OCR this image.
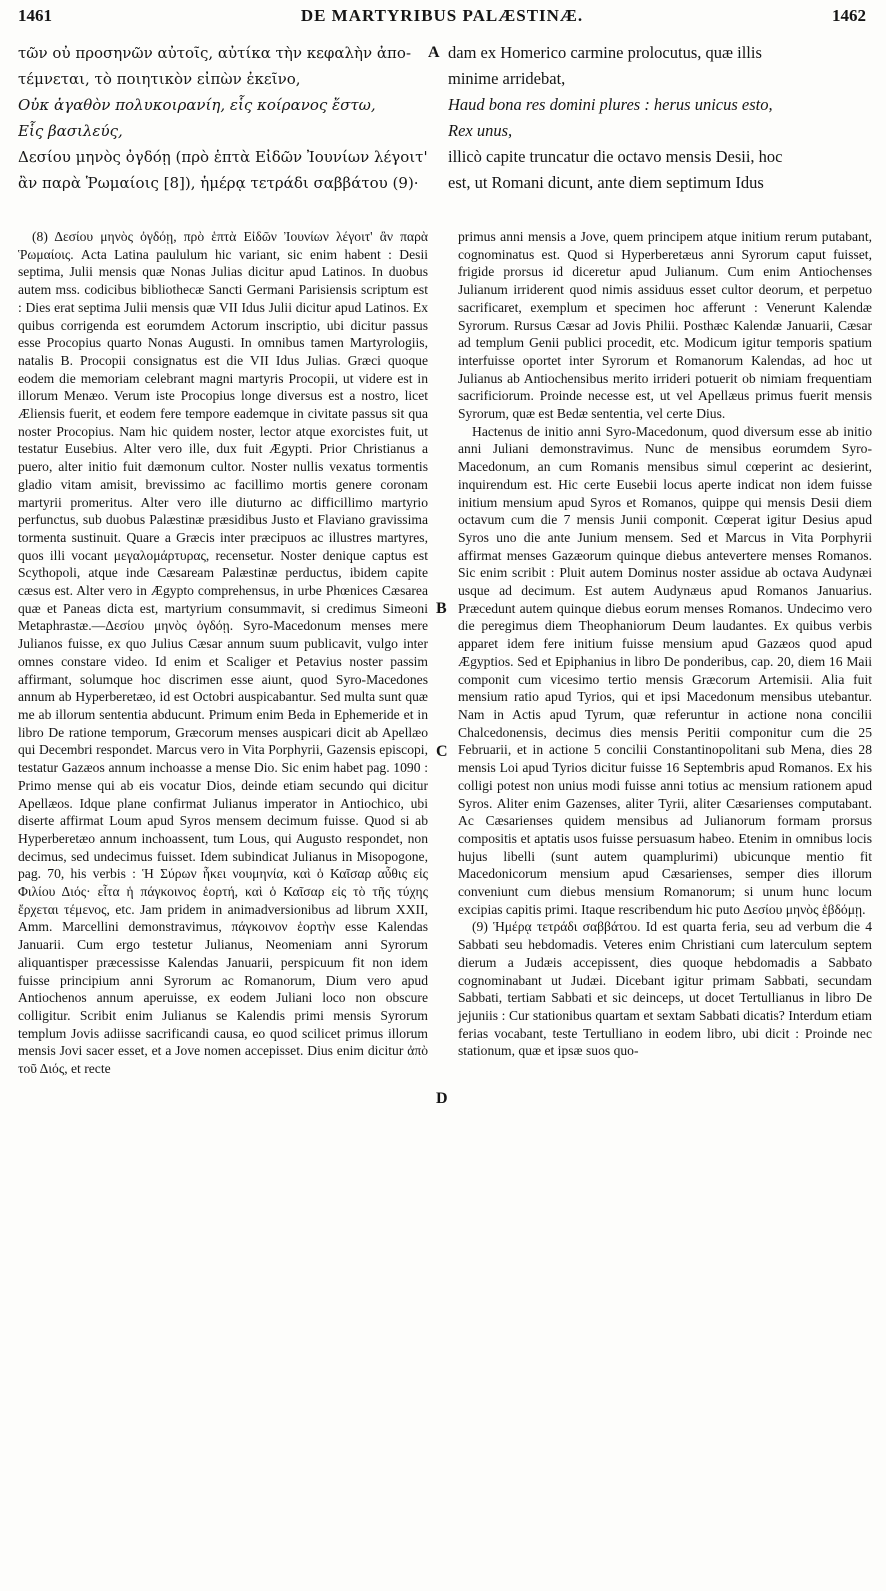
1461	DE MARTYRIBUS PALÆSTINÆ.	1462
τῶν οὐ προσηνῶν αὐτοῖς, αὐτίκα τὴν κεφαλὴν ἀπο-
τέμνεται, τὸ ποιητικὸν εἰπὼν ἐκεῖνο,
Οὐκ ἀγαθὸν πολυκοιρανίη, εἷς κοίρανος ἔστω,
Εἷς βασιλεύς,
Δεσίου μηνὸς ὀγδόῃ (πρὸ ἑπτὰ Εἰδῶν Ἰουνίων λέγοιτ'
ἂν παρὰ Ῥωμαίοις [8]), ἡμέρᾳ τετράδι σαββάτου (9)·
A dam ex Homerico carmine prolocutus, quæ illis
minime arridebat,
Haud bona res domini plures : herus unicus esto,
Rex unus,
illicò capite truncatur die octavo mensis Desii, hoc
est, ut Romani dicunt, ante diem septimum Idus

(8) Δεσίου μηνὸς ὀγδόῃ, πρὸ ἑπτὰ Εἰδῶν Ἰουνίων λέγοιτ' ἂν παρὰ Ῥωμαίοις. Acta Latina paululum hic variant, sic enim habent : Desii septima, Julii mensis quæ Nonas Julias dicitur apud Latinos. In duobus autem mss. codicibus bibliothecæ Sancti Germani Parisiensis scriptum est : Dies erat septima Julii mensis quæ VII Idus Julii dicitur apud Latinos. Ex quibus corrigenda est eorumdem Actorum inscriptio, ubi dicitur passus esse Procopius quarto Nonas Augusti. In omnibus tamen Martyrologiis, natalis B. Procopii consignatus est die VII Idus Julias. Græci quoque eodem die memoriam celebrant magni martyris Procopii, ut videre est in illorum Menæo. Verum iste Procopius longe diversus est a nostro, licet Æliensis fuerit, et eodem fere tempore eademque in civitate passus sit qua noster Procopius. Nam hic quidem noster, lector atque exorcistes fuit, ut testatur Eusebius. Alter vero ille, dux fuit Ægypti. Prior Christianus a puero, alter initio fuit dæmonum cultor. Noster nullis vexatus tormentis gladio vitam amisit, brevissimo ac facillimo mortis genere coronam martyrii promeritus. Alter vero ille diuturno ac difficillimo martyrio perfunctus, sub duobus Palæstinæ præsidibus Justo et Flaviano gravissima tormenta sustinuit. Quare a Græcis inter præcipuos ac illustres martyres, quos illi vocant μεγαλομάρτυρας, recensetur. Noster denique captus est Scythopoli, atque inde Cæsaream Palæstinæ perductus, ibidem capite cæsus est. Alter vero in Ægypto comprehensus, in urbe Phœnices Cæsarea quæ et Paneas dicta est, martyrium consummavit, si credimus Simeoni Metaphrastæ.—Δεσίου μηνὸς ὀγδόῃ. Syro-Macedonum menses mere Julianos fuisse, ex quo Julius Cæsar annum suum publicavit, vulgo inter omnes constare video. Id enim et Scaliger et Petavius noster passim affirmant, solumque hoc discrimen esse aiunt, quod Syro-Macedones annum ab Hyperberetæo, id est Octobri auspicabantur. Sed multa sunt quæ me ab illorum sententia abducunt. Primum enim Beda in Ephemeride et in libro De ratione temporum, Græcorum menses auspicari dicit ab Apellæo qui Decembri respondet. Marcus vero in Vita Porphyrii, Gazensis episcopi, testatur Gazæos annum inchoasse a mense Dio. Sic enim habet pag. 1090 : Primo mense qui ab eis vocatur Dios, deinde etiam secundo qui dicitur Apellæos. Idque plane confirmat Julianus imperator in Antiochico, ubi diserte affirmat Loum apud Syros mensem decimum fuisse. Quod si ab Hyperberetæo annum inchoassent, tum Lous, qui Augusto respondet, non decimus, sed undecimus fuisset. Idem subindicat Julianus in Misopogone, pag. 70, his verbis : Ἡ Σύρων ἧκει νουμηνία, καὶ ὁ Καῖσαρ αὖθις εἰς Φιλίου Διός· εἶτα ἡ πάγκοινος ἑορτή, καὶ ὁ Καῖσαρ εἰς τὸ τῆς τύχης ἔρχεται τέμενος, etc. Jam pridem in animadversionibus ad librum XXII, Amm. Marcellini demonstravimus, πάγκοινον ἑορτὴν esse Kalendas Januarii. Cum ergo testetur Julianus, Neomeniam anni Syrorum aliquantisper præcessisse Kalendas Januarii, perspicuum fit non idem fuisse principium anni Syrorum ac Romanorum, Dium vero apud Antiochenos annum aperuisse, ex eodem Juliani loco non obscure colligitur. Scribit enim Julianus se Kalendis primi mensis Syrorum templum Jovis adiisse sacrificandi causa, eo quod scilicet primus illorum mensis Jovi sacer esset, et a Jove nomen accepisset. Dius enim dicitur ἀπὸ τοῦ Διός, et recte

B
C
D

primus anni mensis a Jove, quem principem atque initium rerum putabant, cognominatus est. Quod si Hyperberetæus anni Syrorum caput fuisset, frigide prorsus id diceretur apud Julianum. Cum enim Antiochenses Julianum irriderent quod nimis assiduus esset cultor deorum, et perpetuo sacrificaret, exemplum et specimen hoc afferunt : Venerunt Kalendæ Syrorum. Rursus Cæsar ad Jovis Philii. Posthæc Kalendæ Januarii, Cæsar ad templum Genii publici procedit, etc. Modicum igitur temporis spatium interfuisse oportet inter Syrorum et Romanorum Kalendas, ad hoc ut Julianus ab Antiochensibus merito irrideri potuerit ob nimiam frequentiam sacrificiorum. Proinde necesse est, ut vel Apellæus primus fuerit mensis Syrorum, quæ est Bedæ sententia, vel certe Dius.

Hactenus de initio anni Syro-Macedonum, quod diversum esse ab initio anni Juliani demonstravimus. Nunc de mensibus eorumdem Syro-Macedonum, an cum Romanis mensibus simul cœperint ac desierint, inquirendum est. Hic certe Eusebii locus aperte indicat non idem fuisse initium mensium apud Syros et Romanos, quippe qui mensis Desii diem octavum cum die 7 mensis Junii componit. Cœperat igitur Desius apud Syros uno die ante Junium mensem. Sed et Marcus in Vita Porphyrii affirmat menses Gazæorum quinque diebus antevertere menses Romanos. Sic enim scribit : Pluit autem Dominus noster assidue ab octava Audynæi usque ad decimum. Est autem Audynæus apud Romanos Januarius. Præcedunt autem quinque diebus eorum menses Romanos. Undecimo vero die peregimus diem Theophaniorum Deum laudantes. Ex quibus verbis apparet idem fere initium fuisse mensium apud Gazæos quod apud Ægyptios. Sed et Epiphanius in libro De ponderibus, cap. 20, diem 16 Maii componit cum vicesimo tertio mensis Græcorum Artemisii. Alia fuit mensium ratio apud Tyrios, qui et ipsi Macedonum mensibus utebantur. Nam in Actis apud Tyrum, quæ referuntur in actione nona concilii Chalcedonensis, decimus dies mensis Peritii componitur cum die 25 Februarii, et in actione 5 concilii Constantinopolitani sub Mena, dies 28 mensis Loi apud Tyrios dicitur fuisse 16 Septembris apud Romanos. Ex his colligi potest non unius modi fuisse anni totius ac mensium rationem apud Syros. Aliter enim Gazenses, aliter Tyrii, aliter Cæsarienses computabant. Ac Cæsarienses quidem mensibus ad Julianorum formam prorsus compositis et aptatis usos fuisse persuasum habeo. Etenim in omnibus locis hujus libelli (sunt autem quamplurimi) ubicunque mentio fit Macedonicorum mensium apud Cæsarienses, semper dies illorum conveniunt cum diebus mensium Romanorum; si unum hunc locum excipias capitis primi. Itaque rescribendum hic puto Δεσίου μηνὸς ἑβδόμῃ.

(9) Ἡμέρᾳ τετράδι σαββάτου. Id est quarta feria, seu ad verbum die 4 Sabbati seu hebdomadis. Veteres enim Christiani cum laterculum septem dierum a Judæis accepissent, dies quoque hebdomadis a Sabbato cognominabant ut Judæi. Dicebant igitur primam Sabbati, secundam Sabbati, tertiam Sabbati et sic deinceps, ut docet Tertullianus in libro De jejuniis : Cur stationibus quartam et sextam Sabbati dicatis? Interdum etiam ferias vocabant, teste Tertulliano in eodem libro, ubi dicit : Proinde nec stationum, quæ et ipsæ suos quo-
